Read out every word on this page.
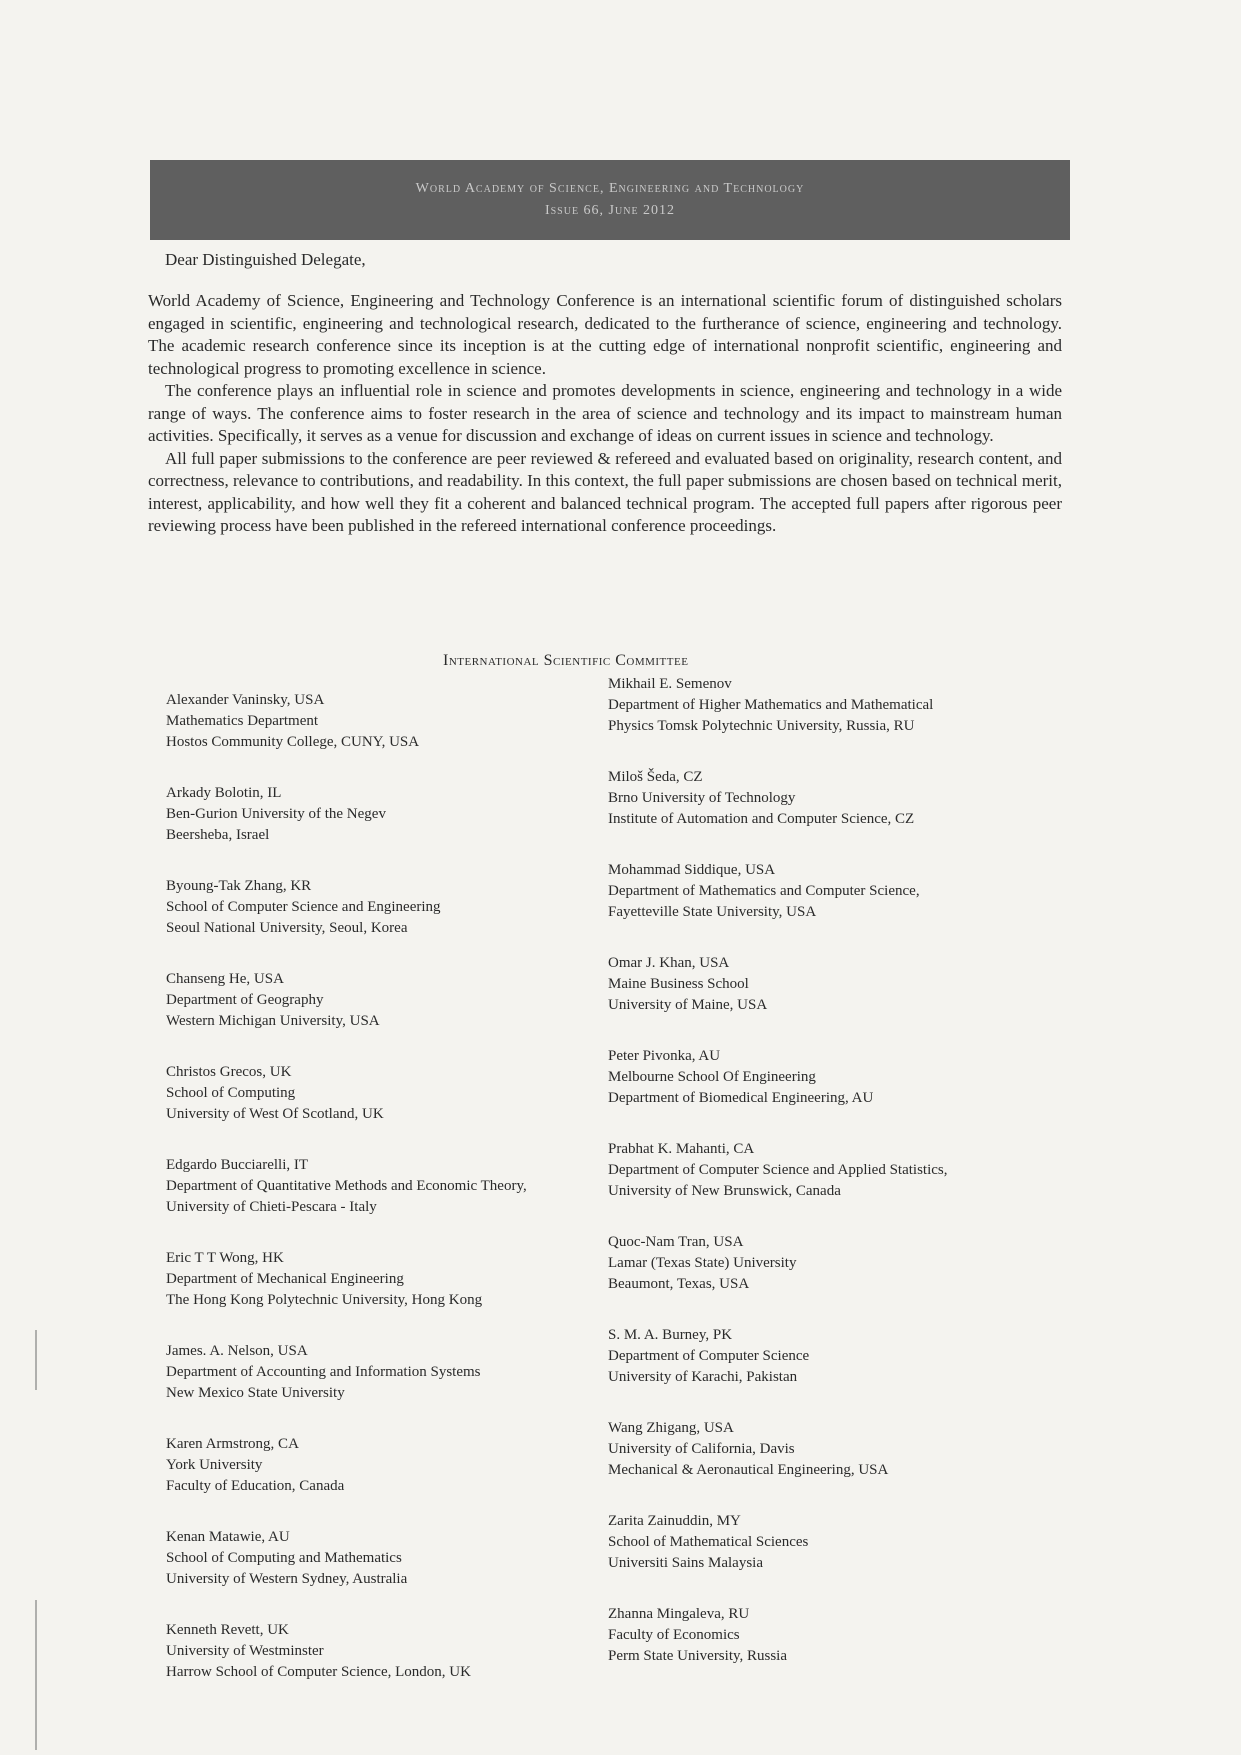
World Academy of Science, Engineering and Technology
Issue 66, June 2012
Dear Distinguished Delegate,

World Academy of Science, Engineering and Technology Conference is an international scientific forum of distinguished scholars engaged in scientific, engineering and technological research, dedicated to the furtherance of science, engineering and technology. The academic research conference since its inception is at the cutting edge of international nonprofit scientific, engineering and technological progress to promoting excellence in science.

The conference plays an influential role in science and promotes developments in science, engineering and technology in a wide range of ways. The conference aims to foster research in the area of science and technology and its impact to mainstream human activities. Specifically, it serves as a venue for discussion and exchange of ideas on current issues in science and technology.

All full paper submissions to the conference are peer reviewed & refereed and evaluated based on originality, research content, and correctness, relevance to contributions, and readability. In this context, the full paper submissions are chosen based on technical merit, interest, applicability, and how well they fit a coherent and balanced technical program. The accepted full papers after rigorous peer reviewing process have been published in the refereed international conference proceedings.

International Scientific Committee
Alexander Vaninsky, USA
Mathematics Department
Hostos Community College, CUNY, USA
Arkady Bolotin, IL
Ben-Gurion University of the Negev
Beersheba, Israel
Byoung-Tak Zhang, KR
School of Computer Science and Engineering
Seoul National University, Seoul, Korea
Chanseng He, USA
Department of Geography
Western Michigan University, USA
Christos Grecos, UK
School of Computing
University of West Of Scotland, UK
Edgardo Bucciarelli, IT
Department of Quantitative Methods and Economic Theory,
University of Chieti-Pescara - Italy
Eric T T Wong, HK
Department of Mechanical Engineering
The Hong Kong Polytechnic University, Hong Kong
James. A. Nelson, USA
Department of Accounting and Information Systems
New Mexico State University
Karen Armstrong, CA
York University
Faculty of Education, Canada
Kenan Matawie, AU
School of Computing and Mathematics
University of Western Sydney, Australia
Kenneth Revett, UK
University of Westminster
Harrow School of Computer Science, London, UK
Mikhail E. Semenov
Department of Higher Mathematics and Mathematical
Physics Tomsk Polytechnic University, Russia, RU
Miloš Šeda, CZ
Brno University of Technology
Institute of Automation and Computer Science, CZ
Mohammad Siddique, USA
Department of Mathematics and Computer Science,
Fayetteville State University, USA
Omar J. Khan, USA
Maine Business School
University of Maine, USA
Peter Pivonka, AU
Melbourne School Of Engineering
Department of Biomedical Engineering, AU
Prabhat K. Mahanti, CA
Department of Computer Science and Applied Statistics,
University of New Brunswick, Canada
Quoc-Nam Tran, USA
Lamar (Texas State) University
Beaumont, Texas, USA
S. M. A. Burney, PK
Department of Computer Science
University of Karachi, Pakistan
Wang Zhigang, USA
University of California, Davis
Mechanical & Aeronautical Engineering, USA
Zarita Zainuddin, MY
School of Mathematical Sciences
Universiti Sains Malaysia
Zhanna Mingaleva, RU
Faculty of Economics
Perm State University, Russia
